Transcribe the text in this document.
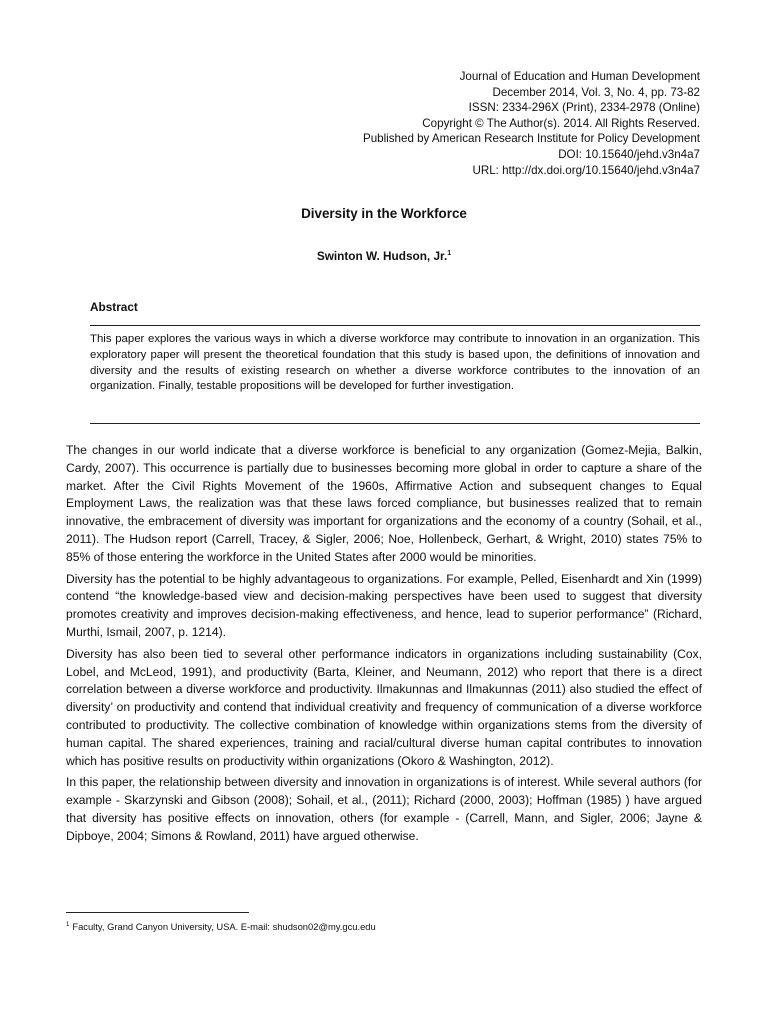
Journal of Education and Human Development
December 2014, Vol. 3, No. 4, pp. 73-82
ISSN: 2334-296X (Print), 2334-2978 (Online)
Copyright © The Author(s). 2014. All Rights Reserved.
Published by American Research Institute for Policy Development
DOI: 10.15640/jehd.v3n4a7
URL: http://dx.doi.org/10.15640/jehd.v3n4a7
Diversity in the Workforce
Swinton W. Hudson, Jr.$^1$
Abstract
This paper explores the various ways in which a diverse workforce may contribute to innovation in an organization. This exploratory paper will present the theoretical foundation that this study is based upon, the definitions of innovation and diversity and the results of existing research on whether a diverse workforce contributes to the innovation of an organization. Finally, testable propositions will be developed for further investigation.

The changes in our world indicate that a diverse workforce is beneficial to any organization (Gomez-Mejia, Balkin, Cardy, 2007). This occurrence is partially due to businesses becoming more global in order to capture a share of the market. After the Civil Rights Movement of the 1960s, Affirmative Action and subsequent changes to Equal Employment Laws, the realization was that these laws forced compliance, but businesses realized that to remain innovative, the embracement of diversity was important for organizations and the economy of a country (Sohail, et al., 2011). The Hudson report (Carrell, Tracey, & Sigler, 2006; Noe, Hollenbeck, Gerhart, & Wright, 2010) states 75% to 85% of those entering the workforce in the United States after 2000 would be minorities.

Diversity has the potential to be highly advantageous to organizations. For example, Pelled, Eisenhardt and Xin (1999) contend “the knowledge-based view and decision-making perspectives have been used to suggest that diversity promotes creativity and improves decision-making effectiveness, and hence, lead to superior performance” (Richard, Murthi, Ismail, 2007, p. 1214).

Diversity has also been tied to several other performance indicators in organizations including sustainability (Cox, Lobel, and McLeod, 1991), and productivity (Barta, Kleiner, and Neumann, 2012) who report that there is a direct correlation between a diverse workforce and productivity. Ilmakunnas and Ilmakunnas (2011) also studied the effect of diversity’ on productivity and contend that individual creativity and frequency of communication of a diverse workforce contributed to productivity. The collective combination of knowledge within organizations stems from the diversity of human capital. The shared experiences, training and racial/cultural diverse human capital contributes to innovation which has positive results on productivity within organizations (Okoro & Washington, 2012).

In this paper, the relationship between diversity and innovation in organizations is of interest. While several authors (for example - Skarzynski and Gibson (2008); Sohail, et al., (2011); Richard (2000, 2003); Hoffman (1985) ) have argued that diversity has positive effects on innovation, others (for example - (Carrell, Mann, and Sigler, 2006; Jayne & Dipboye, 2004; Simons & Rowland, 2011) have argued otherwise.

$^1$ Faculty, Grand Canyon University, USA. E-mail: shudson02@my.gcu.edu
